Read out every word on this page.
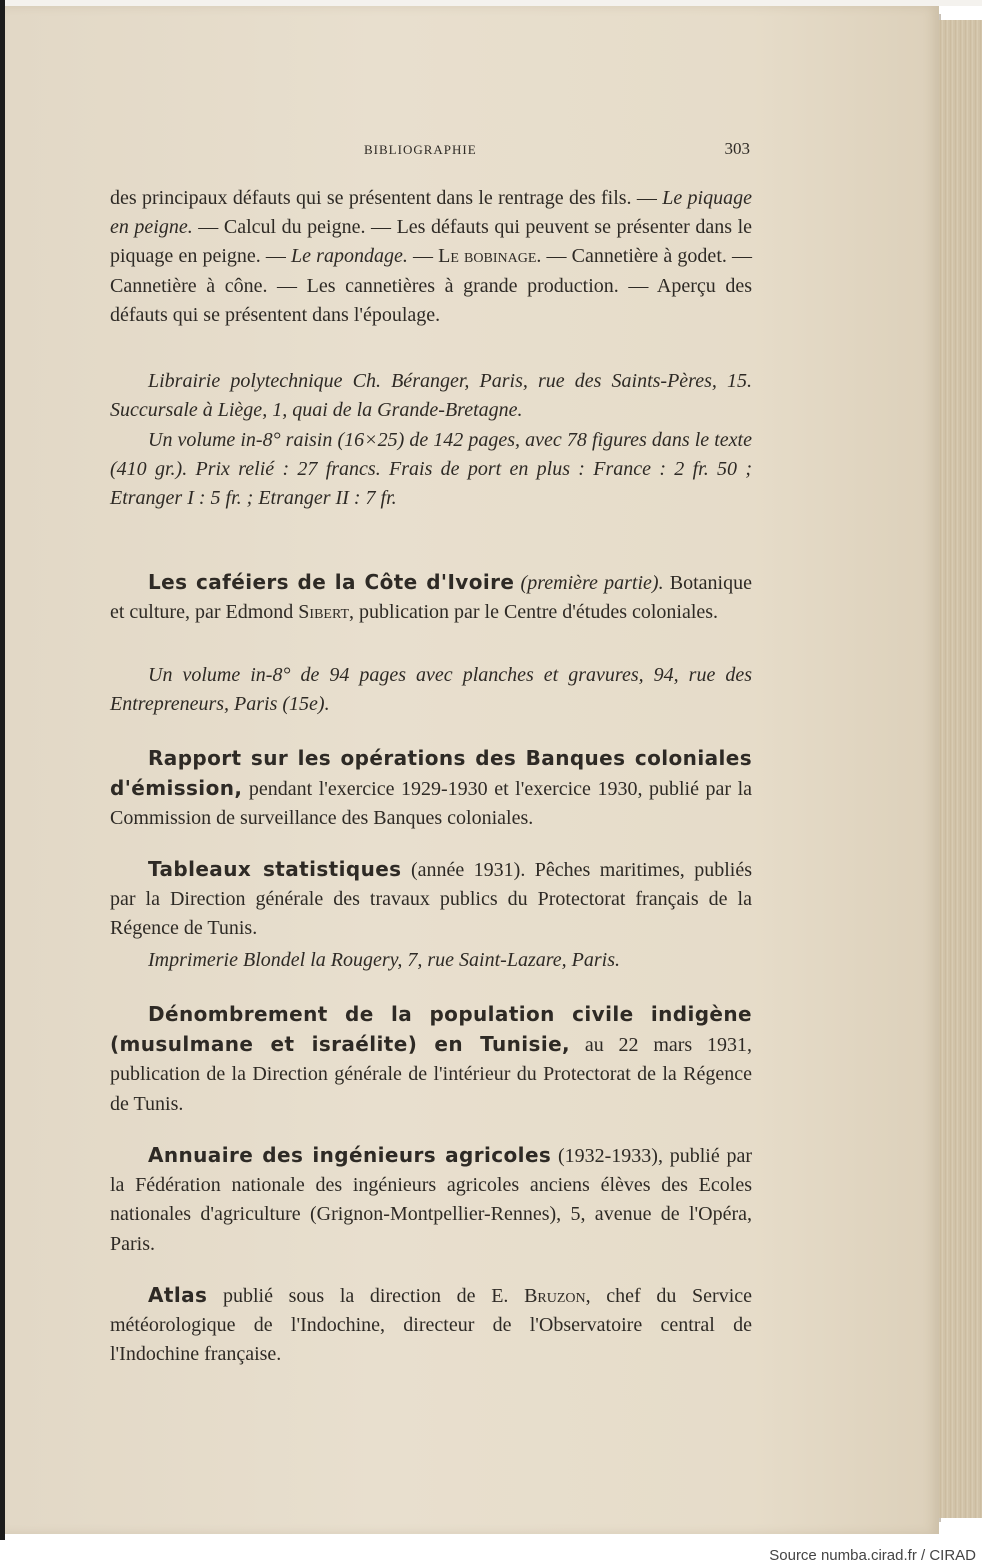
BIBLIOGRAPHIE	303
des principaux défauts qui se présentent dans le rentrage des fils. — Le piquage en peigne. — Calcul du peigne. — Les défauts qui peuvent se présenter dans le piquage en peigne. — Le rapondage. — Le bobinage. — Cannetière à godet. — Cannetière à cône. — Les cannetières à grande production. — Aperçu des défauts qui se présentent dans l'époulage.
Librairie polytechnique Ch. Béranger, Paris, rue des Saints-Pères, 15. Succursale à Liège, 1, quai de la Grande-Bretagne.
Un volume in-8° raisin (16×25) de 142 pages, avec 78 figures dans le texte (410 gr.). Prix relié : 27 francs. Frais de port en plus : France : 2 fr. 50 ; Etranger I : 5 fr. ; Etranger II : 7 fr.
Les caféiers de la Côte d'Ivoire (première partie). Botanique et culture, par Edmond Sibert, publication par le Centre d'études coloniales.
Un volume in-8° de 94 pages avec planches et gravures, 94, rue des Entrepreneurs, Paris (15e).
Rapport sur les opérations des Banques coloniales d'émission, pendant l'exercice 1929-1930 et l'exercice 1930, publié par la Commission de surveillance des Banques coloniales.
Tableaux statistiques (année 1931). Pêches maritimes, publiés par la Direction générale des travaux publics du Protectorat français de la Régence de Tunis.
Imprimerie Blondel la Rougery, 7, rue Saint-Lazare, Paris.
Dénombrement de la population civile indigène (musulmane et israélite) en Tunisie, au 22 mars 1931, publication de la Direction générale de l'intérieur du Protectorat de la Régence de Tunis.
Annuaire des ingénieurs agricoles (1932-1933), publié par la Fédération nationale des ingénieurs agricoles anciens élèves des Ecoles nationales d'agriculture (Grignon-Montpellier-Rennes), 5, avenue de l'Opéra, Paris.
Atlas publié sous la direction de E. Bruzon, chef du Service météorologique de l'Indochine, directeur de l'Observatoire central de l'Indochine française.
Source numba.cirad.fr / CIRAD
